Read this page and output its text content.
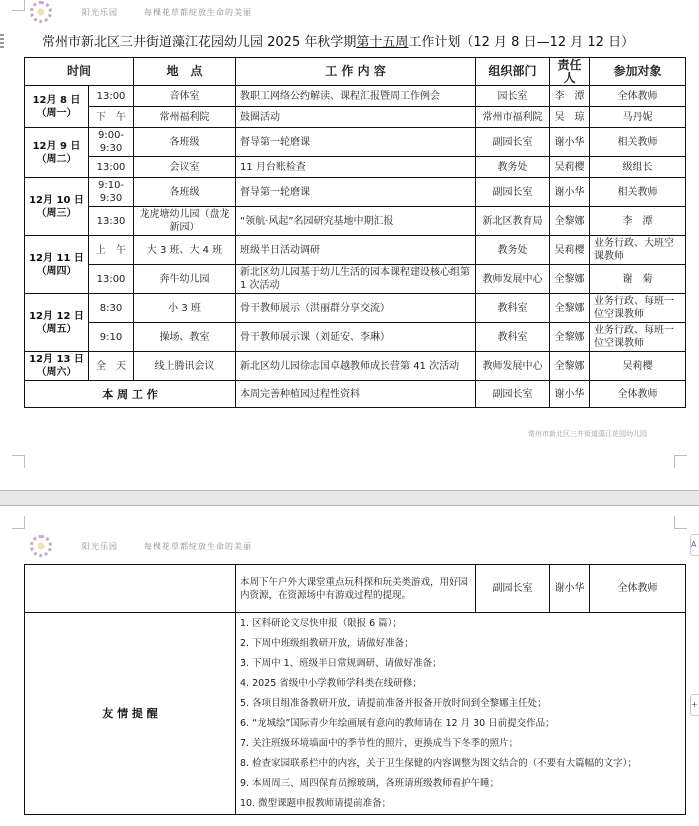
阳光乐园	每棵花草都绽放生命的美丽
常州市新北区三井街道藻江花园幼儿园 2025 年秋学期第十五周工作计划（12 月 8 日—12 月 12 日）
时间		地　点	工 作 内 容	组织部门	责任人	参加对象

12月 8 日
（周一）	13:00	音体室	教职工网络公约解读、课程汇报暨周工作例会	园长室	李　潭	全体教师
	下　午	常州福利院	鼓圈活动	常州市福利院	吴　琼	马丹妮

12月 9 日
（周二）	9:00-9:30	各班级	督导第一轮磨课	副园长室	谢小华	相关教师
	13:00	会议室	11 月台账检查	教务处	吴莉樱	级组长

12月 10 日
（周三）	9:10-9:30	各班级	督导第一轮磨课	副园长室	谢小华	相关教师
	13:30	龙虎塘幼儿园（盘龙新园）	“领航·风起”名园研究基地中期汇报	新北区教育局	全黎娜	李　潭

12月 11 日
（周四）	上　午	大 3 班、大 4 班	班级半日活动调研	教务处	吴莉樱	业务行政、大班空课教师
	13:00	奔牛幼儿园	新北区幼儿园基于幼儿生活的园本课程建设核心组第 1 次活动	教师发展中心	全黎娜	谢　菊

12月 12 日
（周五）	8:30	小 3 班	骨干教师展示（洪丽群分享交流）	教科室	全黎娜	业务行政、每班一位空课教师
	9:10	操场、教室	骨干教师展示课（刘延安、李琳）	教科室	全黎娜	业务行政、每班一位空课教师

12月 13 日
（周六）	全　天	线上腾讯会议	新北区幼儿园徐志国卓越教师成长营第 41 次活动	教师发展中心	全黎娜	吴莉樱
本 周 工 作			本周完善种植园过程性资料	副园长室	谢小华	全体教师
常州市新北区三井街道藻江花园幼儿园
阳光乐园	每棵花草都绽放生命的美丽
	本周下午户外大课堂重点玩科探和玩美类游戏，用好园内资源，在资源场中有游戏过程的提现。	副园长室	谢小华	全体教师
友 情 提 醒	
1. 区科研论文尽快申报（限报 6 篇）；
2. 下周中班级组教研开放，请做好准备；
3. 下周中 1、班级半日常规调研、请做好准备；
4. 2025 省级中小学教师学科类在线研修；
5. 各项目组准备教研开放，请提前准备并报备开放时间到全黎娜主任处；
6. “龙城绘”国际青少年绘画展有意向的教师请在 12 月 30 日前提交作品；
7. 关注班级环境墙面中的季节性的照片，更换成当下冬季的照片；
8. 检查家园联系栏中的内容，关于卫生保健的内容调整为图文结合的（不要有大篇幅的文字）；
9. 本周周三、周四保育员擦玻璃，各班请班级教师看护午睡；
10. 微型课题申报教师请提前准备；
A
+
